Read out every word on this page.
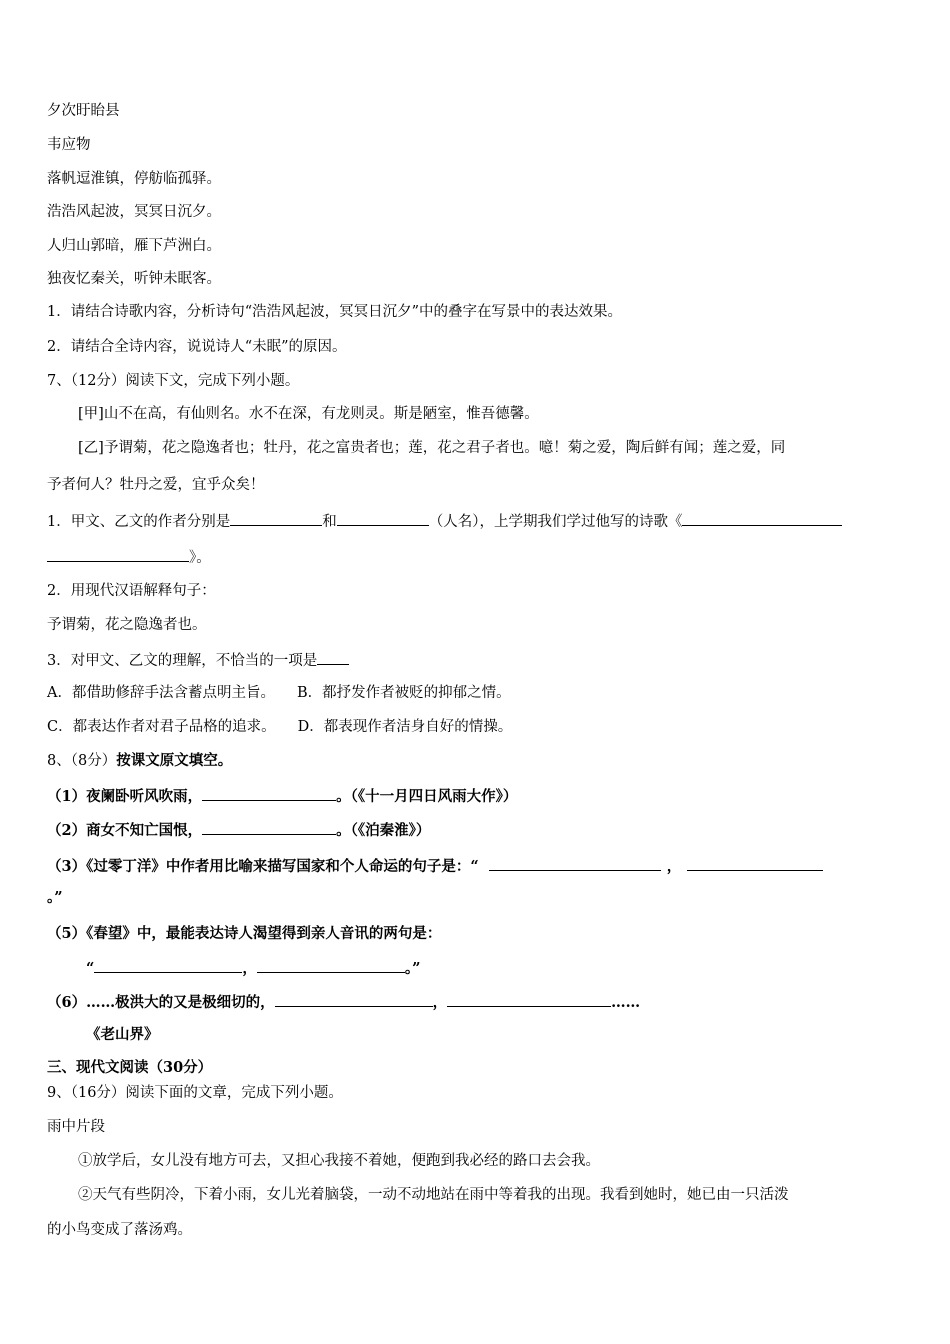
夕次盱眙县
韦应物
落帆逗淮镇，停舫临孤驿。
浩浩风起波，冥冥日沉夕。
人归山郭暗，雁下芦洲白。
独夜忆秦关，听钟未眠客。
1．请结合诗歌内容，分析诗句“浩浩风起波，冥冥日沉夕”中的叠字在写景中的表达效果。
2．请结合全诗内容，说说诗人“未眠”的原因。
7、（12分）阅读下文，完成下列小题。
[甲]山不在高，有仙则名。水不在深，有龙则灵。斯是陋室，惟吾德馨。
[乙]予谓菊，花之隐逸者也；牡丹，花之富贵者也；莲，花之君子者也。噫！菊之爱，陶后鲜有闻；莲之爱，同
予者何人？牡丹之爱，宜乎众矣！
1．甲文、乙文的作者分别是	和	（人名），上学期我们学过他写的诗歌《
》。
2．用现代汉语解释句子：
予谓菊，花之隐逸者也。
3．对甲文、乙文的理解，不恰当的一项是
A．都借助修辞手法含蓄点明主旨。 B．都抒发作者被贬的抑郁之情。
C．都表达作者对君子品格的追求。 D．都表现作者洁身自好的情操。
8、（8分）按课文原文填空。
（1）夜阑卧听风吹雨，	。（《十一月四日风雨大作》）
（2）商女不知亡国恨，	。（《泊秦淮》）
（3）《过零丁洋》中作者用比喻来描写国家和个人命运的句子是：“	，
。”
（5）《春望》中，最能表达诗人渴望得到亲人音讯的两句是：
“	，	。”
（6）……极洪大的又是极细切的，	，	……
《老山界》
三、现代文阅读（30分）
9、（16分）阅读下面的文章，完成下列小题。
雨中片段
①放学后，女儿没有地方可去，又担心我接不着她，便跑到我必经的路口去会我。
②天气有些阴冷，下着小雨，女儿光着脑袋，一动不动地站在雨中等着我的出现。我看到她时，她已由一只活泼
的小鸟变成了落汤鸡。
